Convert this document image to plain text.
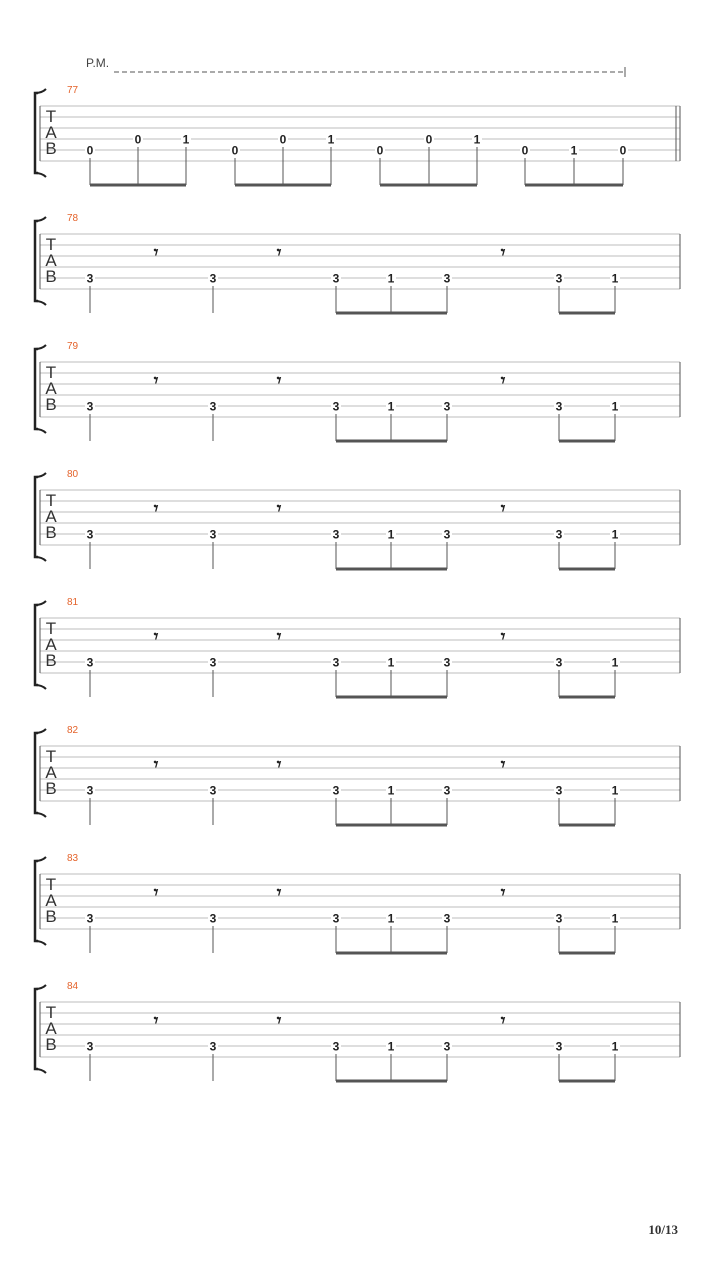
P.M.
T
A
B
77
0
0	1
0
0	1
0
0	1
0	1	0
T
A
B
78
𝄾	𝄾	𝄾
3	3	3	1	3	3	1
T
A
B
79
𝄾	𝄾	𝄾
3	3	3	1	3	3	1
T
A
B
80
𝄾	𝄾	𝄾
3	3	3	1	3	3	1
T
A
B
81
𝄾	𝄾	𝄾
3	3	3	1	3	3	1
T
A
B
82
𝄾	𝄾	𝄾
3	3	3	1	3	3	1
T
A
B
83
𝄾	𝄾	𝄾
3	3	3	1	3	3	1
T
A
B
84
𝄾	𝄾	𝄾
3	3	3	1	3	3	1
10/13
